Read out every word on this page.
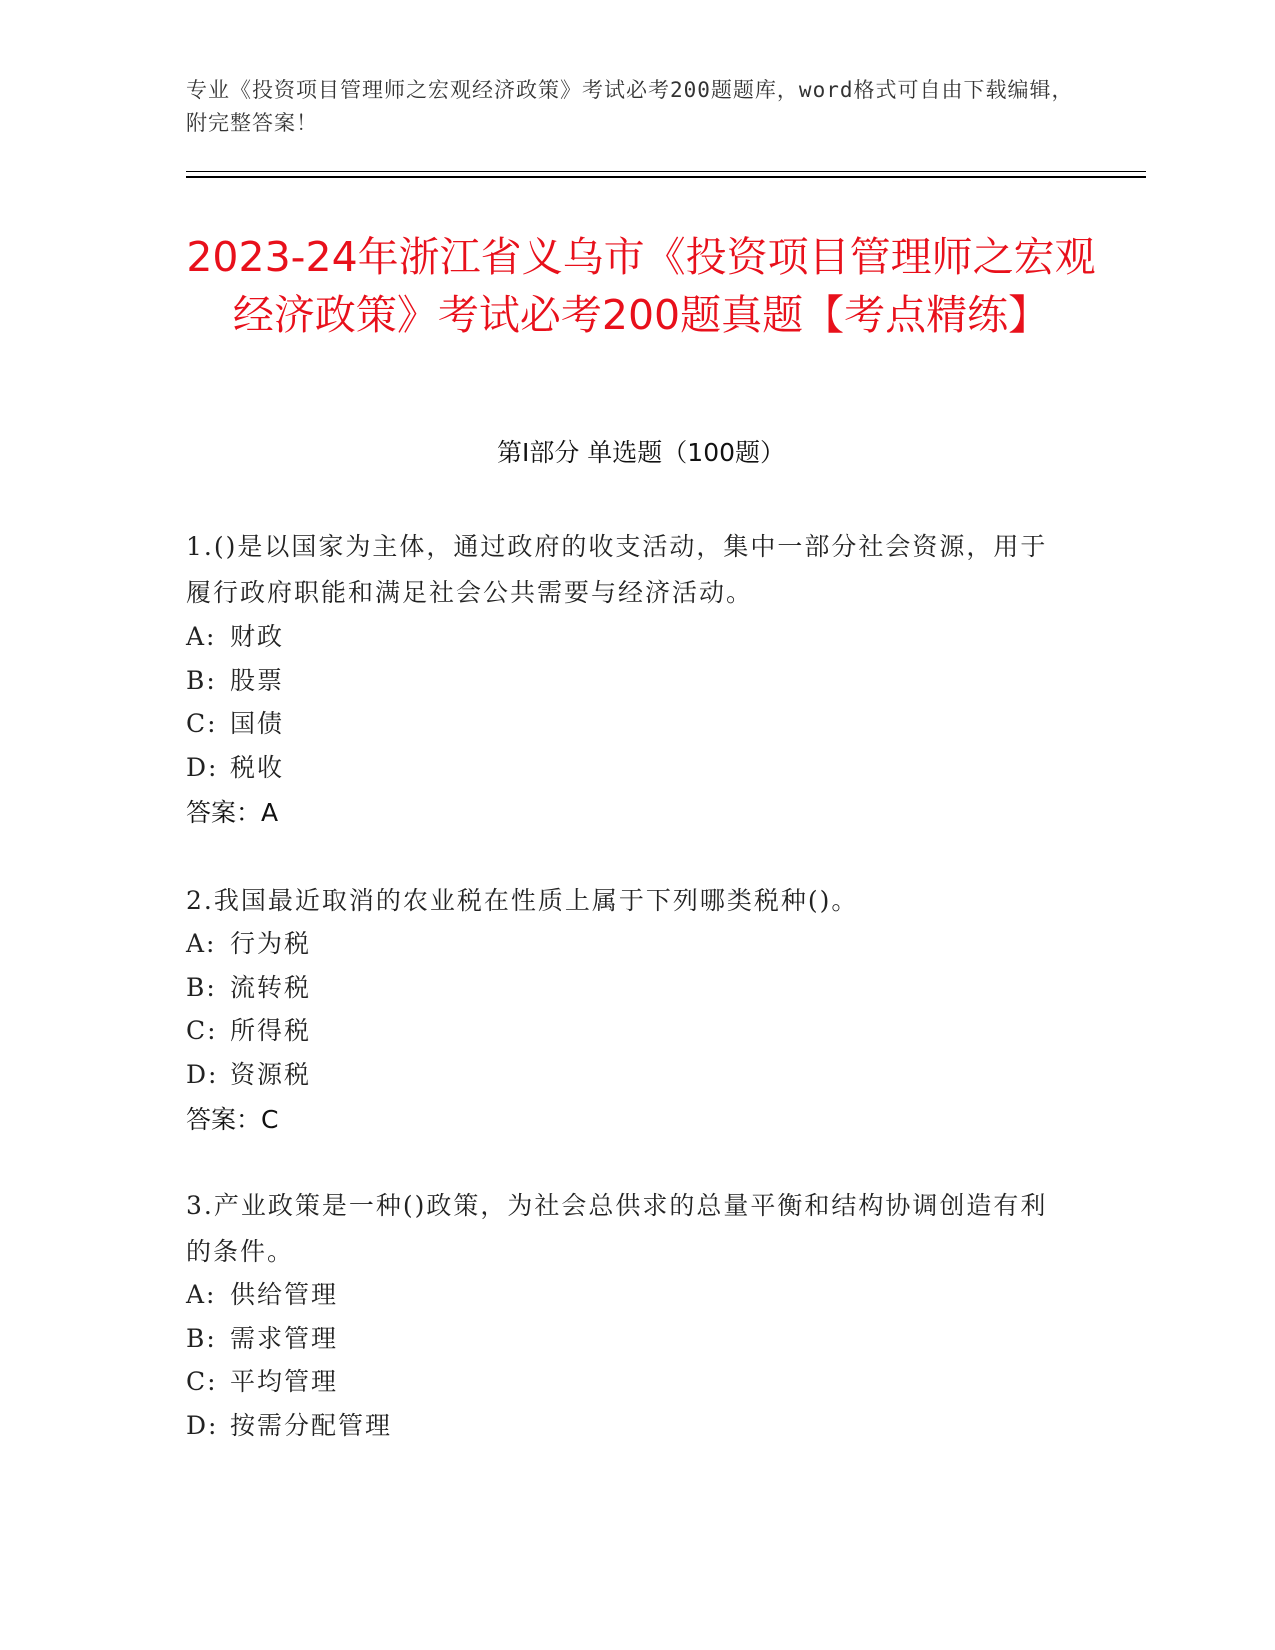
专业《投资项目管理师之宏观经济政策》考试必考200题题库，word格式可自由下载编辑，附完整答案！
2023-24年浙江省义乌市《投资项目管理师之宏观经济政策》考试必考200题真题【考点精练】
第Ⅰ部分 单选题（100题）
1.()是以国家为主体，通过政府的收支活动，集中一部分社会资源，用于履行政府职能和满足社会公共需要与经济活动。
A: 财政
B: 股票
C: 国债
D: 税收
答案：A
2.我国最近取消的农业税在性质上属于下列哪类税种()。
A: 行为税
B: 流转税
C: 所得税
D: 资源税
答案：C
3.产业政策是一种()政策，为社会总供求的总量平衡和结构协调创造有利的条件。
A: 供给管理
B: 需求管理
C: 平均管理
D: 按需分配管理
